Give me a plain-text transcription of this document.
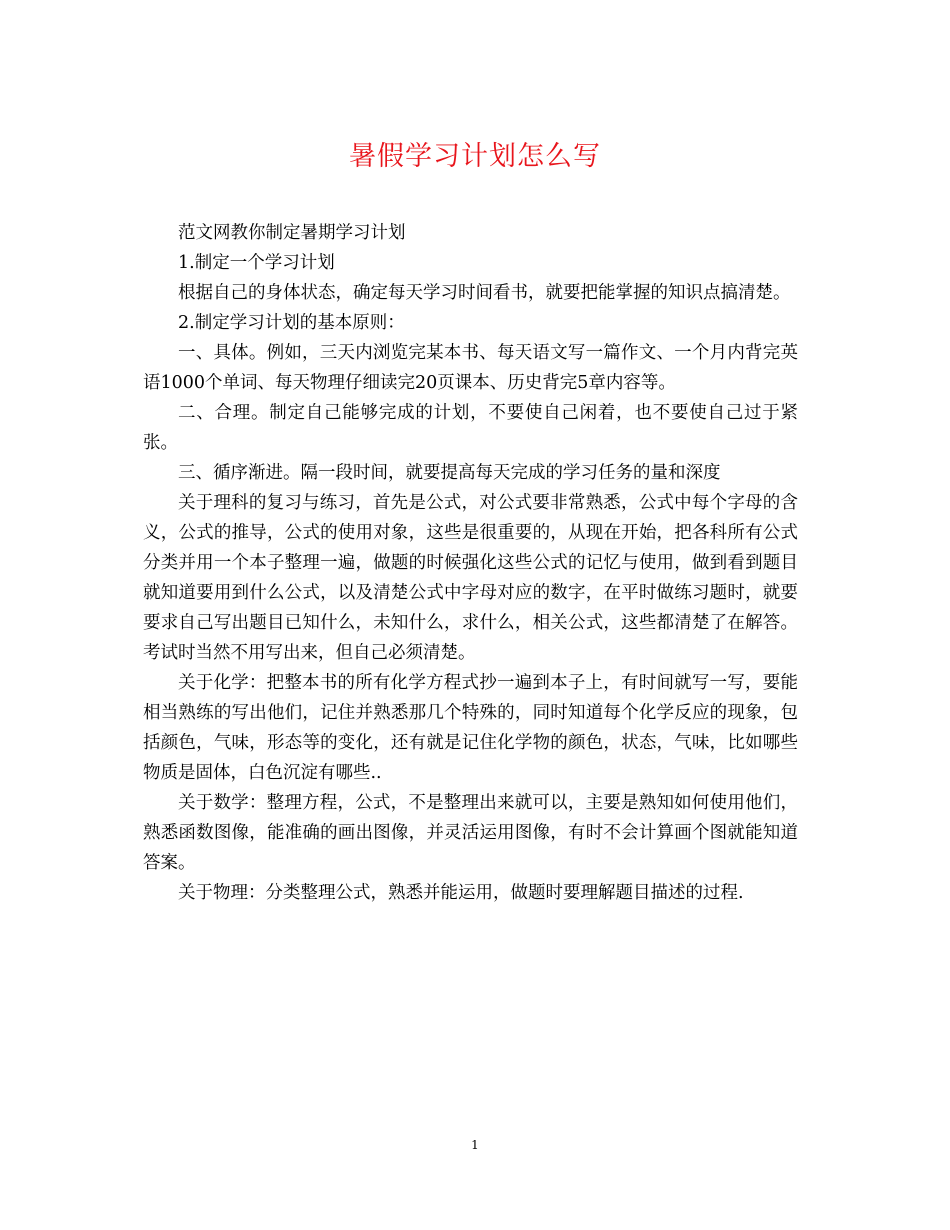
暑假学习计划怎么写

范文网教你制定暑期学习计划

1.制定一个学习计划

根据自己的身体状态，确定每天学习时间看书，就要把能掌握的知识点搞清楚。

2.制定学习计划的基本原则：

一、具体。例如，三天内浏览完某本书、每天语文写一篇作文、一个月内背完英语1000个单词、每天物理仔细读完20页课本、历史背完5章内容等。

二、合理。制定自己能够完成的计划，不要使自己闲着，也不要使自己过于紧张。

三、循序渐进。隔一段时间，就要提高每天完成的学习任务的量和深度

关于理科的复习与练习，首先是公式，对公式要非常熟悉，公式中每个字母的含义，公式的推导，公式的使用对象，这些是很重要的，从现在开始，把各科所有公式分类并用一个本子整理一遍，做题的时候强化这些公式的记忆与使用，做到看到题目就知道要用到什么公式，以及清楚公式中字母对应的数字，在平时做练习题时，就要要求自己写出题目已知什么，未知什么，求什么，相关公式，这些都清楚了在解答。考试时当然不用写出来，但自己必须清楚。

关于化学：把整本书的所有化学方程式抄一遍到本子上，有时间就写一写，要能相当熟练的写出他们，记住并熟悉那几个特殊的，同时知道每个化学反应的现象，包括颜色，气味，形态等的变化，还有就是记住化学物的颜色，状态，气味，比如哪些物质是固体，白色沉淀有哪些..

关于数学：整理方程，公式，不是整理出来就可以，主要是熟知如何使用他们，熟悉函数图像，能准确的画出图像，并灵活运用图像，有时不会计算画个图就能知道答案。

关于物理：分类整理公式，熟悉并能运用，做题时要理解题目描述的过程.

1
